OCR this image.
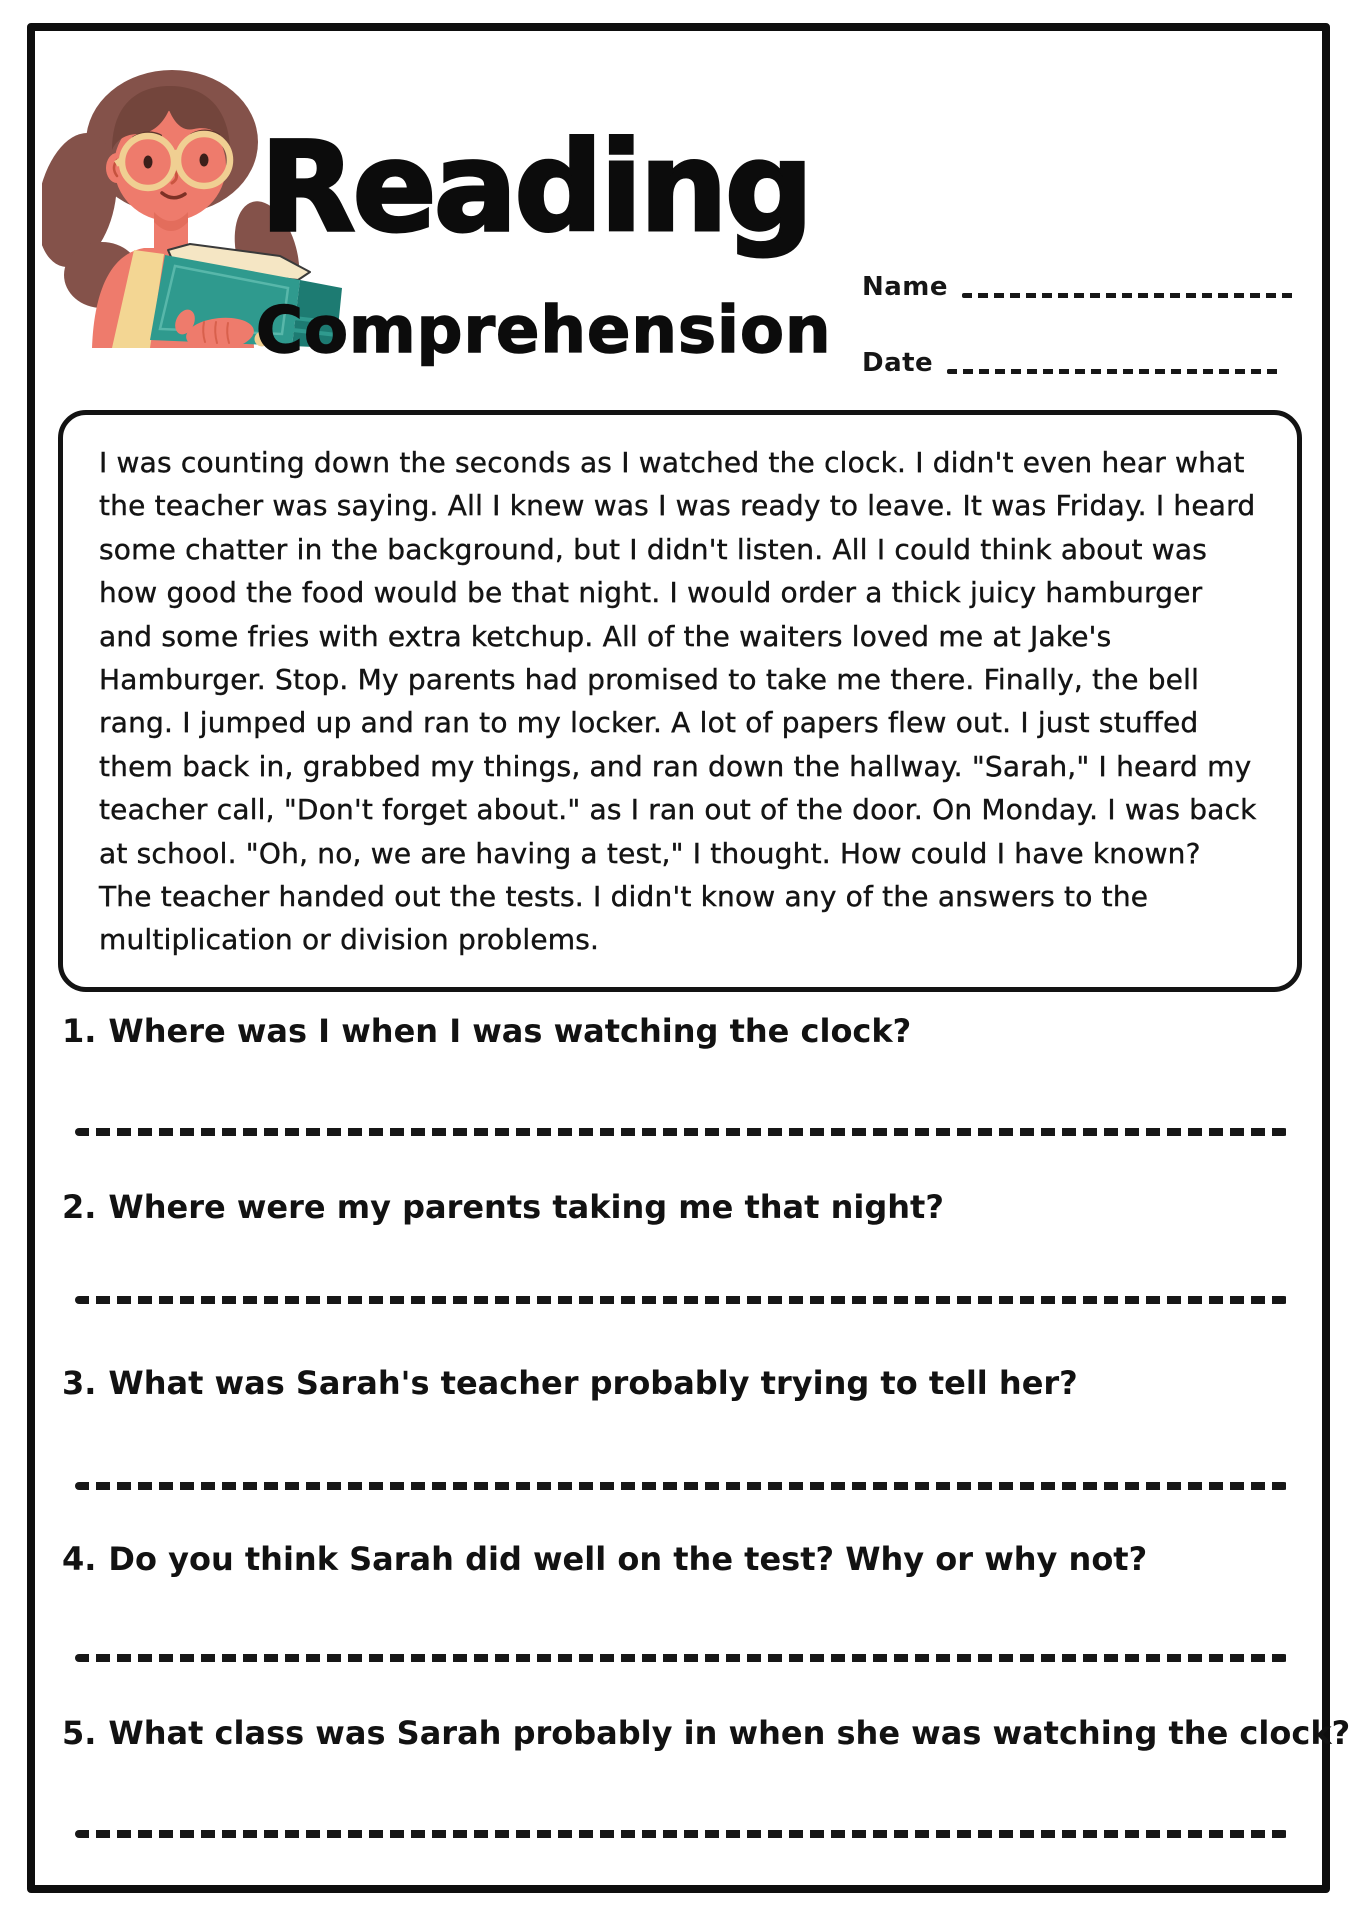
Reading
Comprehension
Name
Date
I was counting down the seconds as I watched the clock. I didn't even hear what the teacher was saying. All I knew was I was ready to leave. It was Friday. I heard some chatter in the background, but I didn't listen. All I could think about was how good the food would be that night. I would order a thick juicy hamburger and some fries with extra ketchup. All of the waiters loved me at Jake's Hamburger. Stop. My parents had promised to take me there. Finally, the bell rang. I jumped up and ran to my locker. A lot of papers flew out. I just stuffed them back in, grabbed my things, and ran down the hallway. "Sarah," I heard my teacher call, "Don't forget about." as I ran out of the door. On Monday. I was back at school. "Oh, no, we are having a test," I thought. How could I have known? The teacher handed out the tests. I didn't know any of the answers to the multiplication or division problems.
1. Where was I when I was watching the clock?
2. Where were my parents taking me that night?
3. What was Sarah's teacher probably trying to tell her?
4. Do you think Sarah did well on the test? Why or why not?
5. What class was Sarah probably in when she was watching the clock?
